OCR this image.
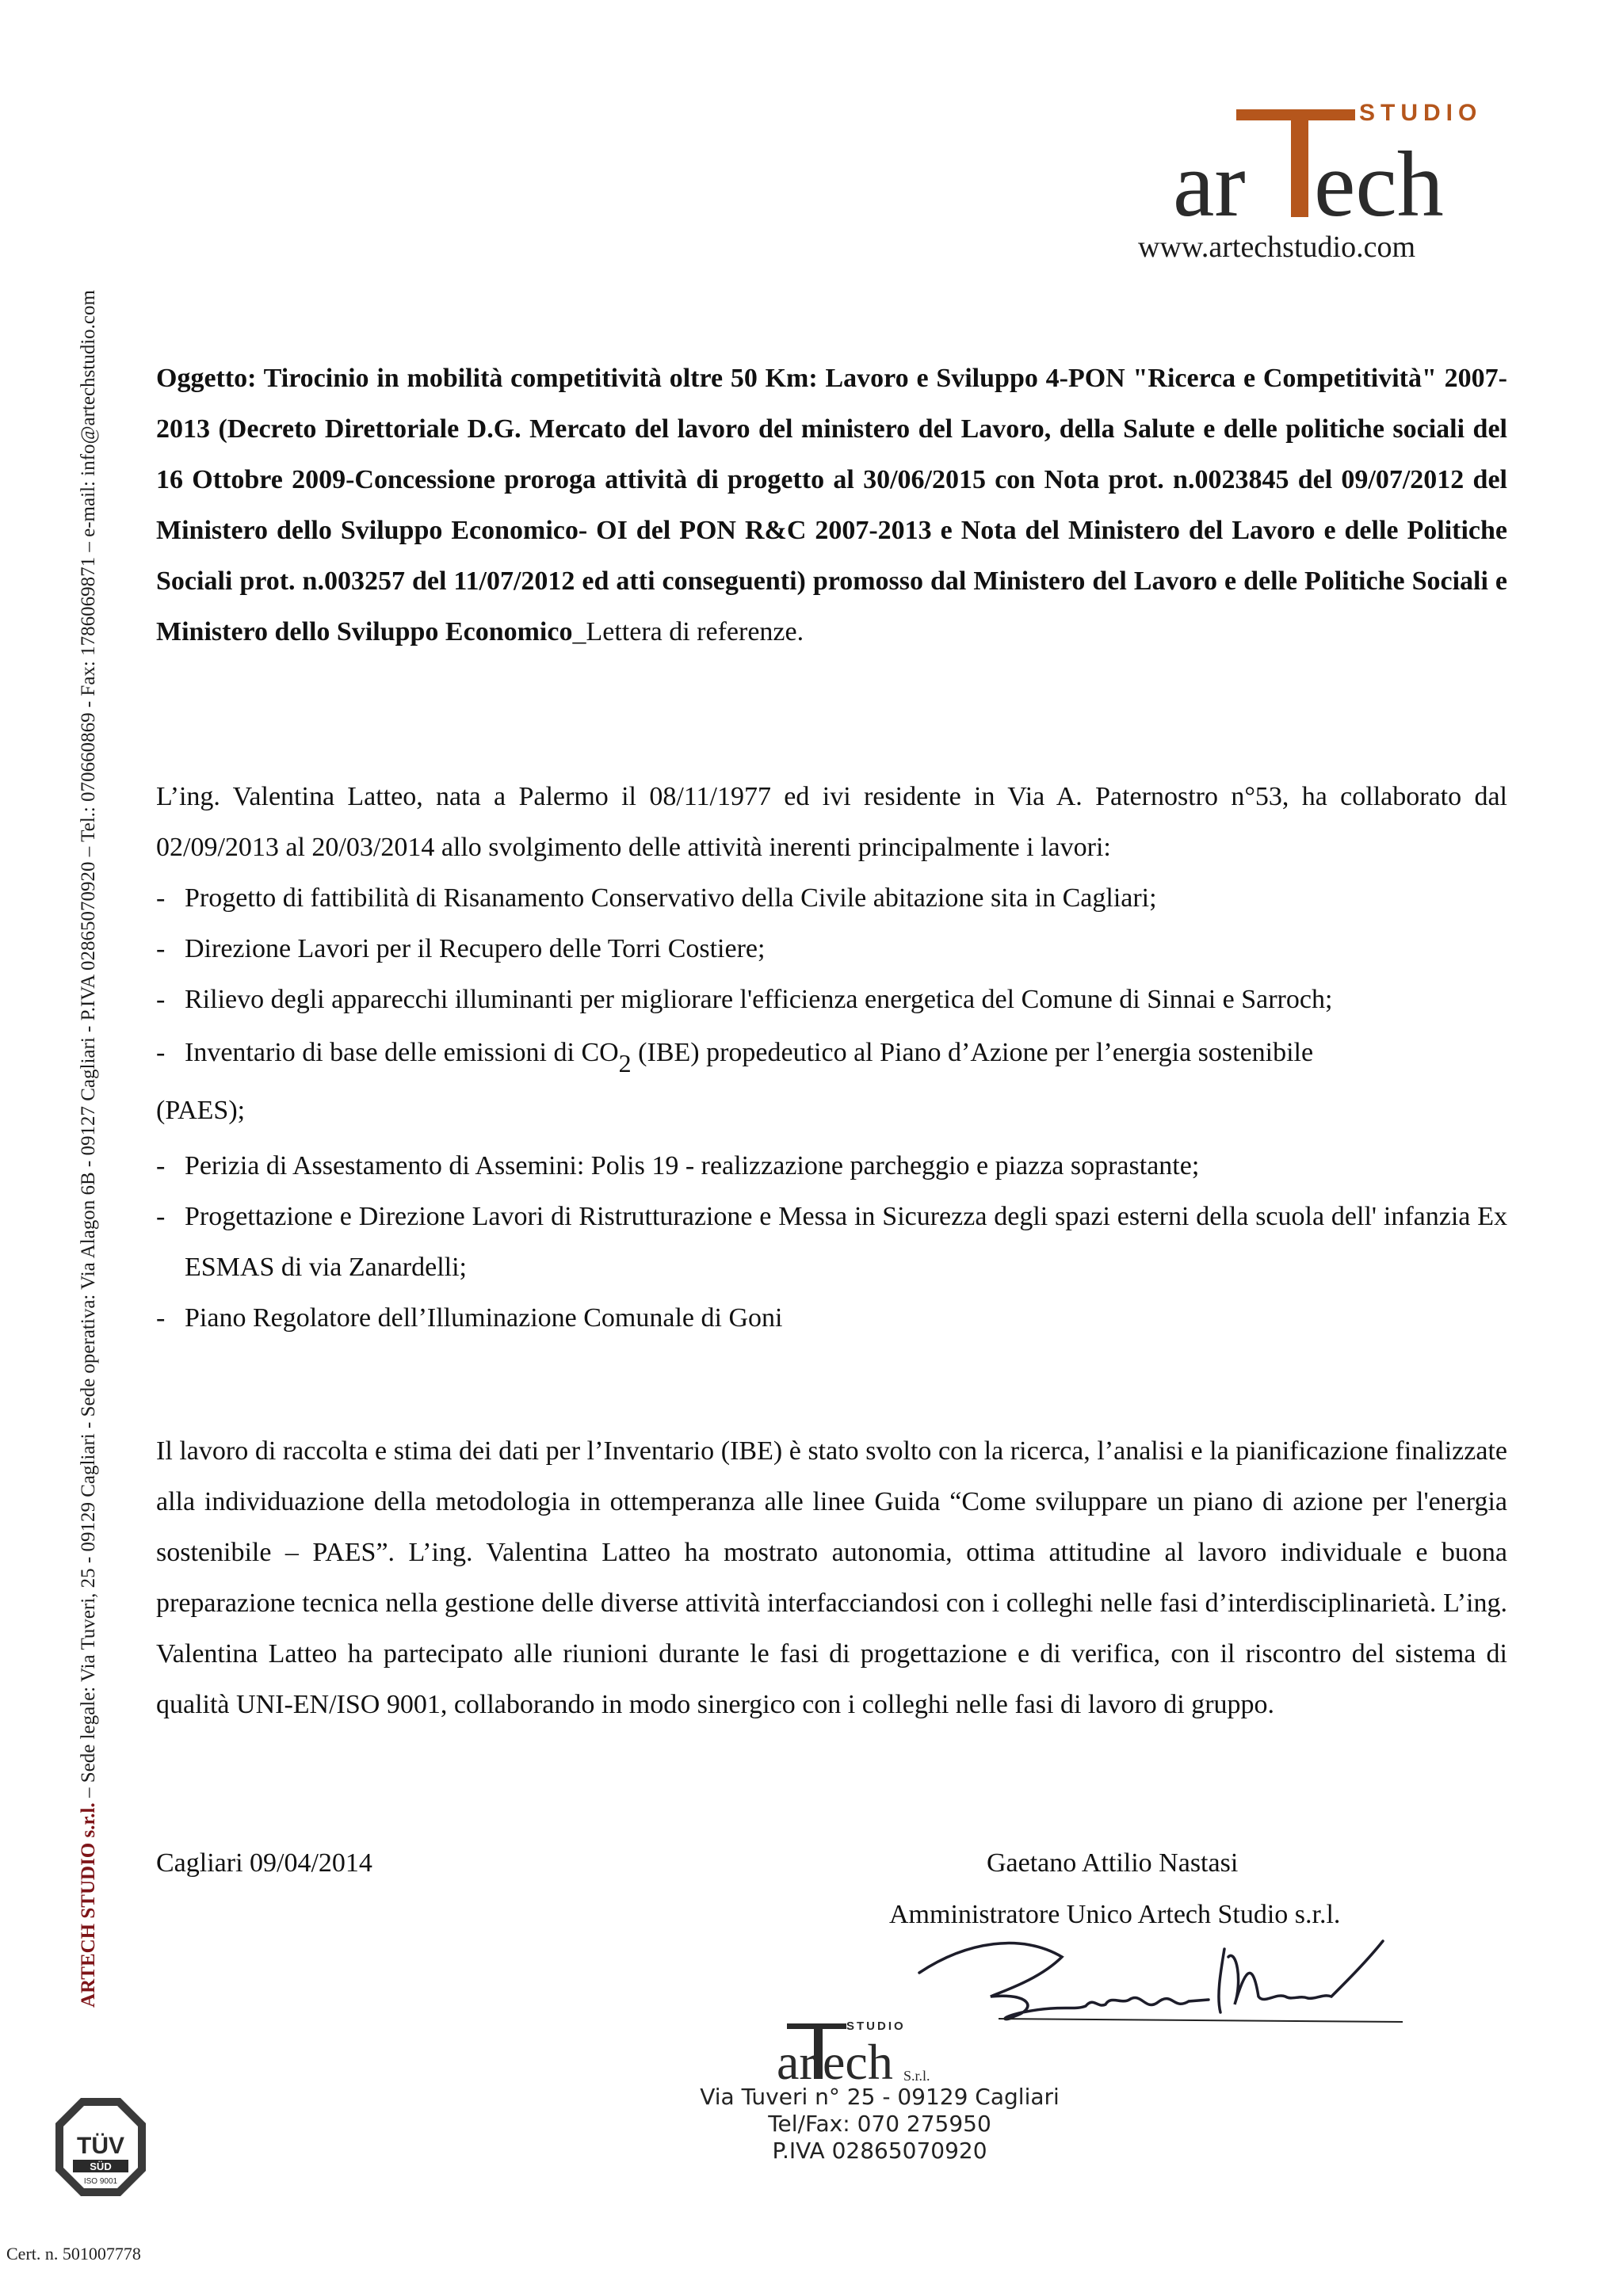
ARTECH STUDIO s.r.l. – Sede legale: Via Tuveri, 25 - 09129 Cagliari - Sede operativa: Via Alagon 6B - 09127 Cagliari - P.IVA 02865070920 – Tel.: 070660869 - Fax: 1786069871 – e-mail: info@artechstudio.com
STUDIO
ar ech
www.artechstudio.com
Oggetto: Tirocinio in mobilità competitività oltre 50 Km: Lavoro e Sviluppo 4-PON "Ricerca e Competitività" 2007-2013 (Decreto Direttoriale D.G. Mercato del lavoro del ministero del Lavoro, della Salute e delle politiche sociali del 16 Ottobre 2009-Concessione proroga attività di progetto al 30/06/2015 con Nota prot. n.0023845 del 09/07/2012 del Ministero dello Sviluppo Economico- OI del PON R&C 2007-2013 e Nota del Ministero del Lavoro e delle Politiche Sociali prot. n.003257 del 11/07/2012 ed atti conseguenti) promosso dal Ministero del Lavoro e delle Politiche Sociali e Ministero dello Sviluppo Economico_Lettera di referenze.
L’ing. Valentina Latteo, nata a Palermo il 08/11/1977 ed ivi residente in Via A. Paternostro n°53, ha collaborato dal 02/09/2013 al 20/03/2014 allo svolgimento delle attività inerenti principalmente i lavori:
- Progetto di fattibilità di Risanamento Conservativo della Civile abitazione sita in Cagliari;
- Direzione Lavori per il Recupero delle Torri Costiere;
- Rilievo degli apparecchi illuminanti per migliorare l'efficienza energetica del Comune di Sinnai e Sarroch;
- Inventario di base delle emissioni di $CO_2$ (IBE) propedeutico al Piano d’Azione per l’energia sostenibile
(PAES);
- Perizia di Assestamento di Assemini: Polis 19 - realizzazione parcheggio e piazza soprastante;
- Progettazione e Direzione Lavori di Ristrutturazione e Messa in Sicurezza degli spazi esterni della scuola dell' infanzia Ex ESMAS di via Zanardelli;
- Piano Regolatore dell’Illuminazione Comunale di Goni
Il lavoro di raccolta e stima dei dati per l’Inventario (IBE) è stato svolto con la ricerca, l’analisi e la pianificazione finalizzate alla individuazione della metodologia in ottemperanza alle linee Guida “Come sviluppare un piano di azione per l'energia sostenibile – PAES”. L’ing. Valentina Latteo ha mostrato autonomia, ottima attitudine al lavoro individuale e buona preparazione tecnica nella gestione delle diverse attività interfacciandosi con i colleghi nelle fasi d’interdisciplinarietà. L’ing. Valentina Latteo ha partecipato alle riunioni durante le fasi di progettazione e di verifica, con il riscontro del sistema di qualità UNI-EN/ISO 9001, collaborando in modo sinergico con i colleghi nelle fasi di lavoro di gruppo.
Cagliari 09/04/2014	Gaetano Attilio Nastasi
Amministratore Unico Artech Studio s.r.l.
STUDIO
ar ech S.r.l.
Via Tuveri n° 25 - 09129 Cagliari
Tel/Fax: 070 275950
P.IVA 02865070920
TÜV
SÜD
ISO 9001
Cert. n. 501007778
